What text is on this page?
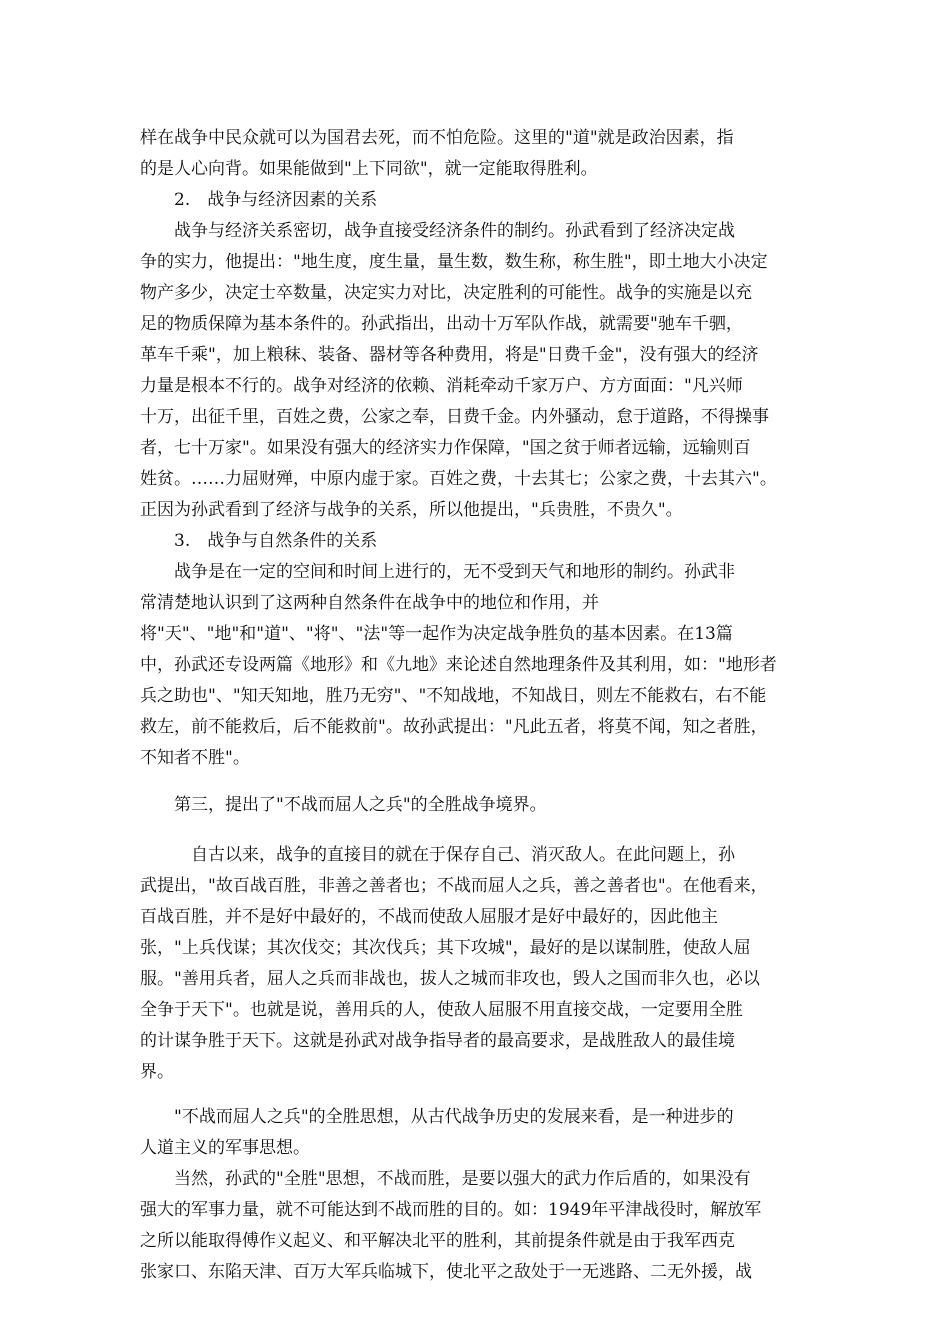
样在战争中民众就可以为国君去死，而不怕危险。这里的"道"就是政治因素，指
的是人心向背。如果能做到"上下同欲"，就一定能取得胜利。
　　2.　战争与经济因素的关系
　　战争与经济关系密切，战争直接受经济条件的制约。孙武看到了经济决定战
争的实力，他提出："地生度，度生量，量生数，数生称，称生胜"，即土地大小决定
物产多少，决定士卒数量，决定实力对比，决定胜利的可能性。战争的实施是以充
足的物质保障为基本条件的。孙武指出，出动十万军队作战，就需要"驰车千驷，
革车千乘"，加上粮秣、装备、器材等各种费用，将是"日费千金"，没有强大的经济
力量是根本不行的。战争对经济的依赖、消耗牵动千家万户、方方面面："凡兴师
十万，出征千里，百姓之费，公家之奉，日费千金。内外骚动，怠于道路，不得操事
者，七十万家"。如果没有强大的经济实力作保障，"国之贫于师者远输，远输则百
姓贫。……力屈财殚，中原内虚于家。百姓之费，十去其七；公家之费，十去其六"。
正因为孙武看到了经济与战争的关系，所以他提出，"兵贵胜，不贵久"。
　　3.　战争与自然条件的关系
　　战争是在一定的空间和时间上进行的，无不受到天气和地形的制约。孙武非
常清楚地认识到了这两种自然条件在战争中的地位和作用，并
将"天"、"地"和"道"、"将"、"法"等一起作为决定战争胜负的基本因素。在13篇
中，孙武还专设两篇《地形》和《九地》来论述自然地理条件及其利用，如："地形者
兵之助也"、"知天知地，胜乃无穷"、"不知战地，不知战日，则左不能救右，右不能
救左，前不能救后，后不能救前"。故孙武提出："凡此五者，将莫不闻，知之者胜，
不知者不胜"。
　　第三，提出了"不战而屈人之兵"的全胜战争境界。
　　　自古以来，战争的直接目的就在于保存自己、消灭敌人。在此问题上，孙
武提出，"故百战百胜，非善之善者也；不战而屈人之兵，善之善者也"。在他看来，
百战百胜，并不是好中最好的，不战而使敌人屈服才是好中最好的，因此他主
张，"上兵伐谋；其次伐交；其次伐兵；其下攻城"，最好的是以谋制胜，使敌人屈
服。"善用兵者，屈人之兵而非战也，拔人之城而非攻也，毁人之国而非久也，必以
全争于天下"。也就是说，善用兵的人，使敌人屈服不用直接交战，一定要用全胜
的计谋争胜于天下。这就是孙武对战争指导者的最高要求，是战胜敌人的最佳境
界。
　　"不战而屈人之兵"的全胜思想，从古代战争历史的发展来看，是一种进步的
人道主义的军事思想。
　　当然，孙武的"全胜"思想，不战而胜，是要以强大的武力作后盾的，如果没有
强大的军事力量，就不可能达到不战而胜的目的。如：1949年平津战役时，解放军
之所以能取得傅作义起义、和平解决北平的胜利，其前提条件就是由于我军西克
张家口、东陷天津、百万大军兵临城下，使北平之敌处于一无逃路、二无外援，战
